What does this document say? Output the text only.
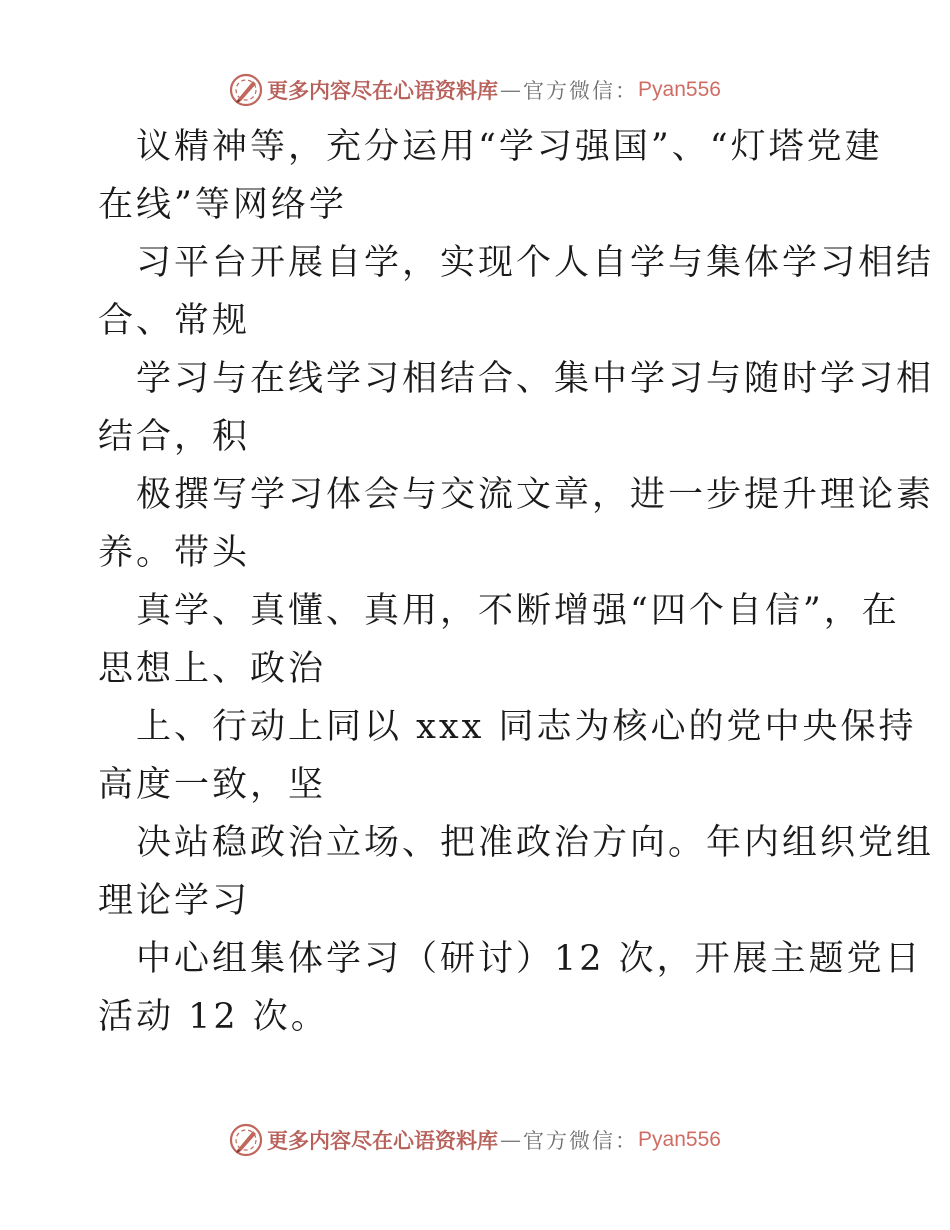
更多内容尽在心语资料库 — 官方微信： Pyan556
议精神等，充分运用“学习强国”、“灯塔党建
在线”等网络学
习平台开展自学，实现个人自学与集体学习相结
合、常规
学习与在线学习相结合、集中学习与随时学习相
结合，积
极撰写学习体会与交流文章，进一步提升理论素
养。带头
真学、真懂、真用，不断增强“四个自信”，在
思想上、政治
上、行动上同以 xxx 同志为核心的党中央保持
高度一致，坚
决站稳政治立场、把准政治方向。年内组织党组
理论学习
中心组集体学习（研讨）12 次，开展主题党日
活动 12 次。
更多内容尽在心语资料库 — 官方微信： Pyan556
